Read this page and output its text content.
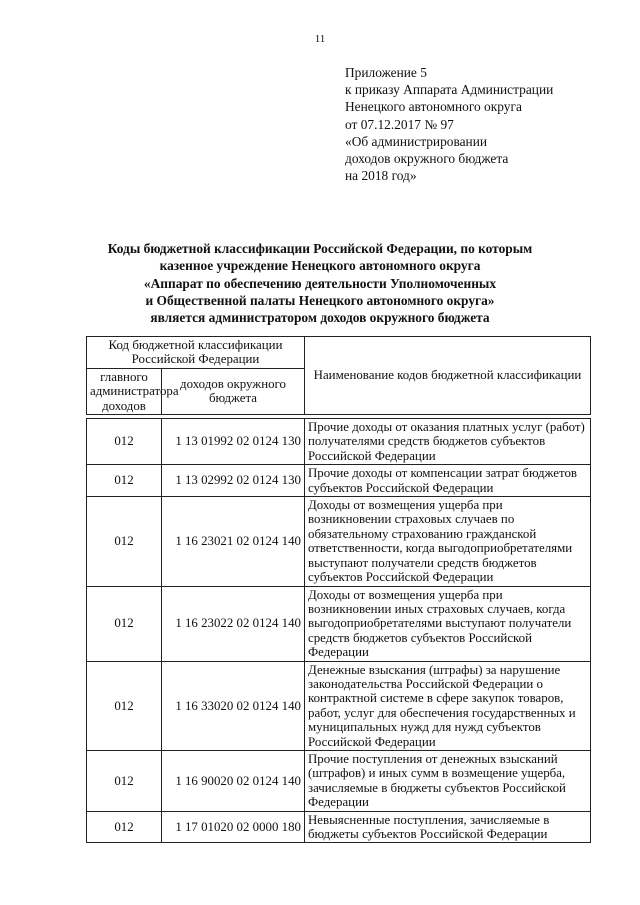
11
Приложение 5
к приказу Аппарата Администрации
Ненецкого автономного округа
от 07.12.2017 № 97
«Об администрировании
доходов окружного бюджета
на 2018 год»
Коды бюджетной классификации Российской Федерации, по которым
казенное учреждение Ненецкого автономного округа
«Аппарат по обеспечению деятельности Уполномоченных
и Общественной палаты Ненецкого автономного округа»
является администратором доходов окружного бюджета
Код бюджетной классификации Российской Федерации		Наименование кодов бюджетной классификации
главного администратора доходов	доходов окружного бюджета	

012	1 13 01992 02 0124 130	Прочие доходы от оказания платных услуг (работ) получателями средств бюджетов субъектов Российской Федерации
012	1 13 02992 02 0124 130	Прочие доходы от компенсации затрат бюджетов субъектов Российской Федерации
012	1 16 23021 02 0124 140	Доходы от возмещения ущерба при возникновении страховых случаев по обязательному страхованию гражданской ответственности, когда выгодоприобретателями выступают получатели средств бюджетов субъектов Российской Федерации
012	1 16 23022 02 0124 140	Доходы от возмещения ущерба при возникновении иных страховых случаев, когда выгодоприобретателями выступают получатели средств бюджетов субъектов Российской Федерации
012	1 16 33020 02 0124 140	Денежные взыскания (штрафы) за нарушение законодательства Российской Федерации о контрактной системе в сфере закупок товаров, работ, услуг для обеспечения государственных и муниципальных нужд для нужд субъектов Российской Федерации
012	1 16 90020 02 0124 140	Прочие поступления от денежных взысканий (штрафов) и иных сумм в возмещение ущерба, зачисляемые в бюджеты субъектов Российской Федерации
012	1 17 01020 02 0000 180	Невыясненные поступления, зачисляемые в бюджеты субъектов Российской Федерации
